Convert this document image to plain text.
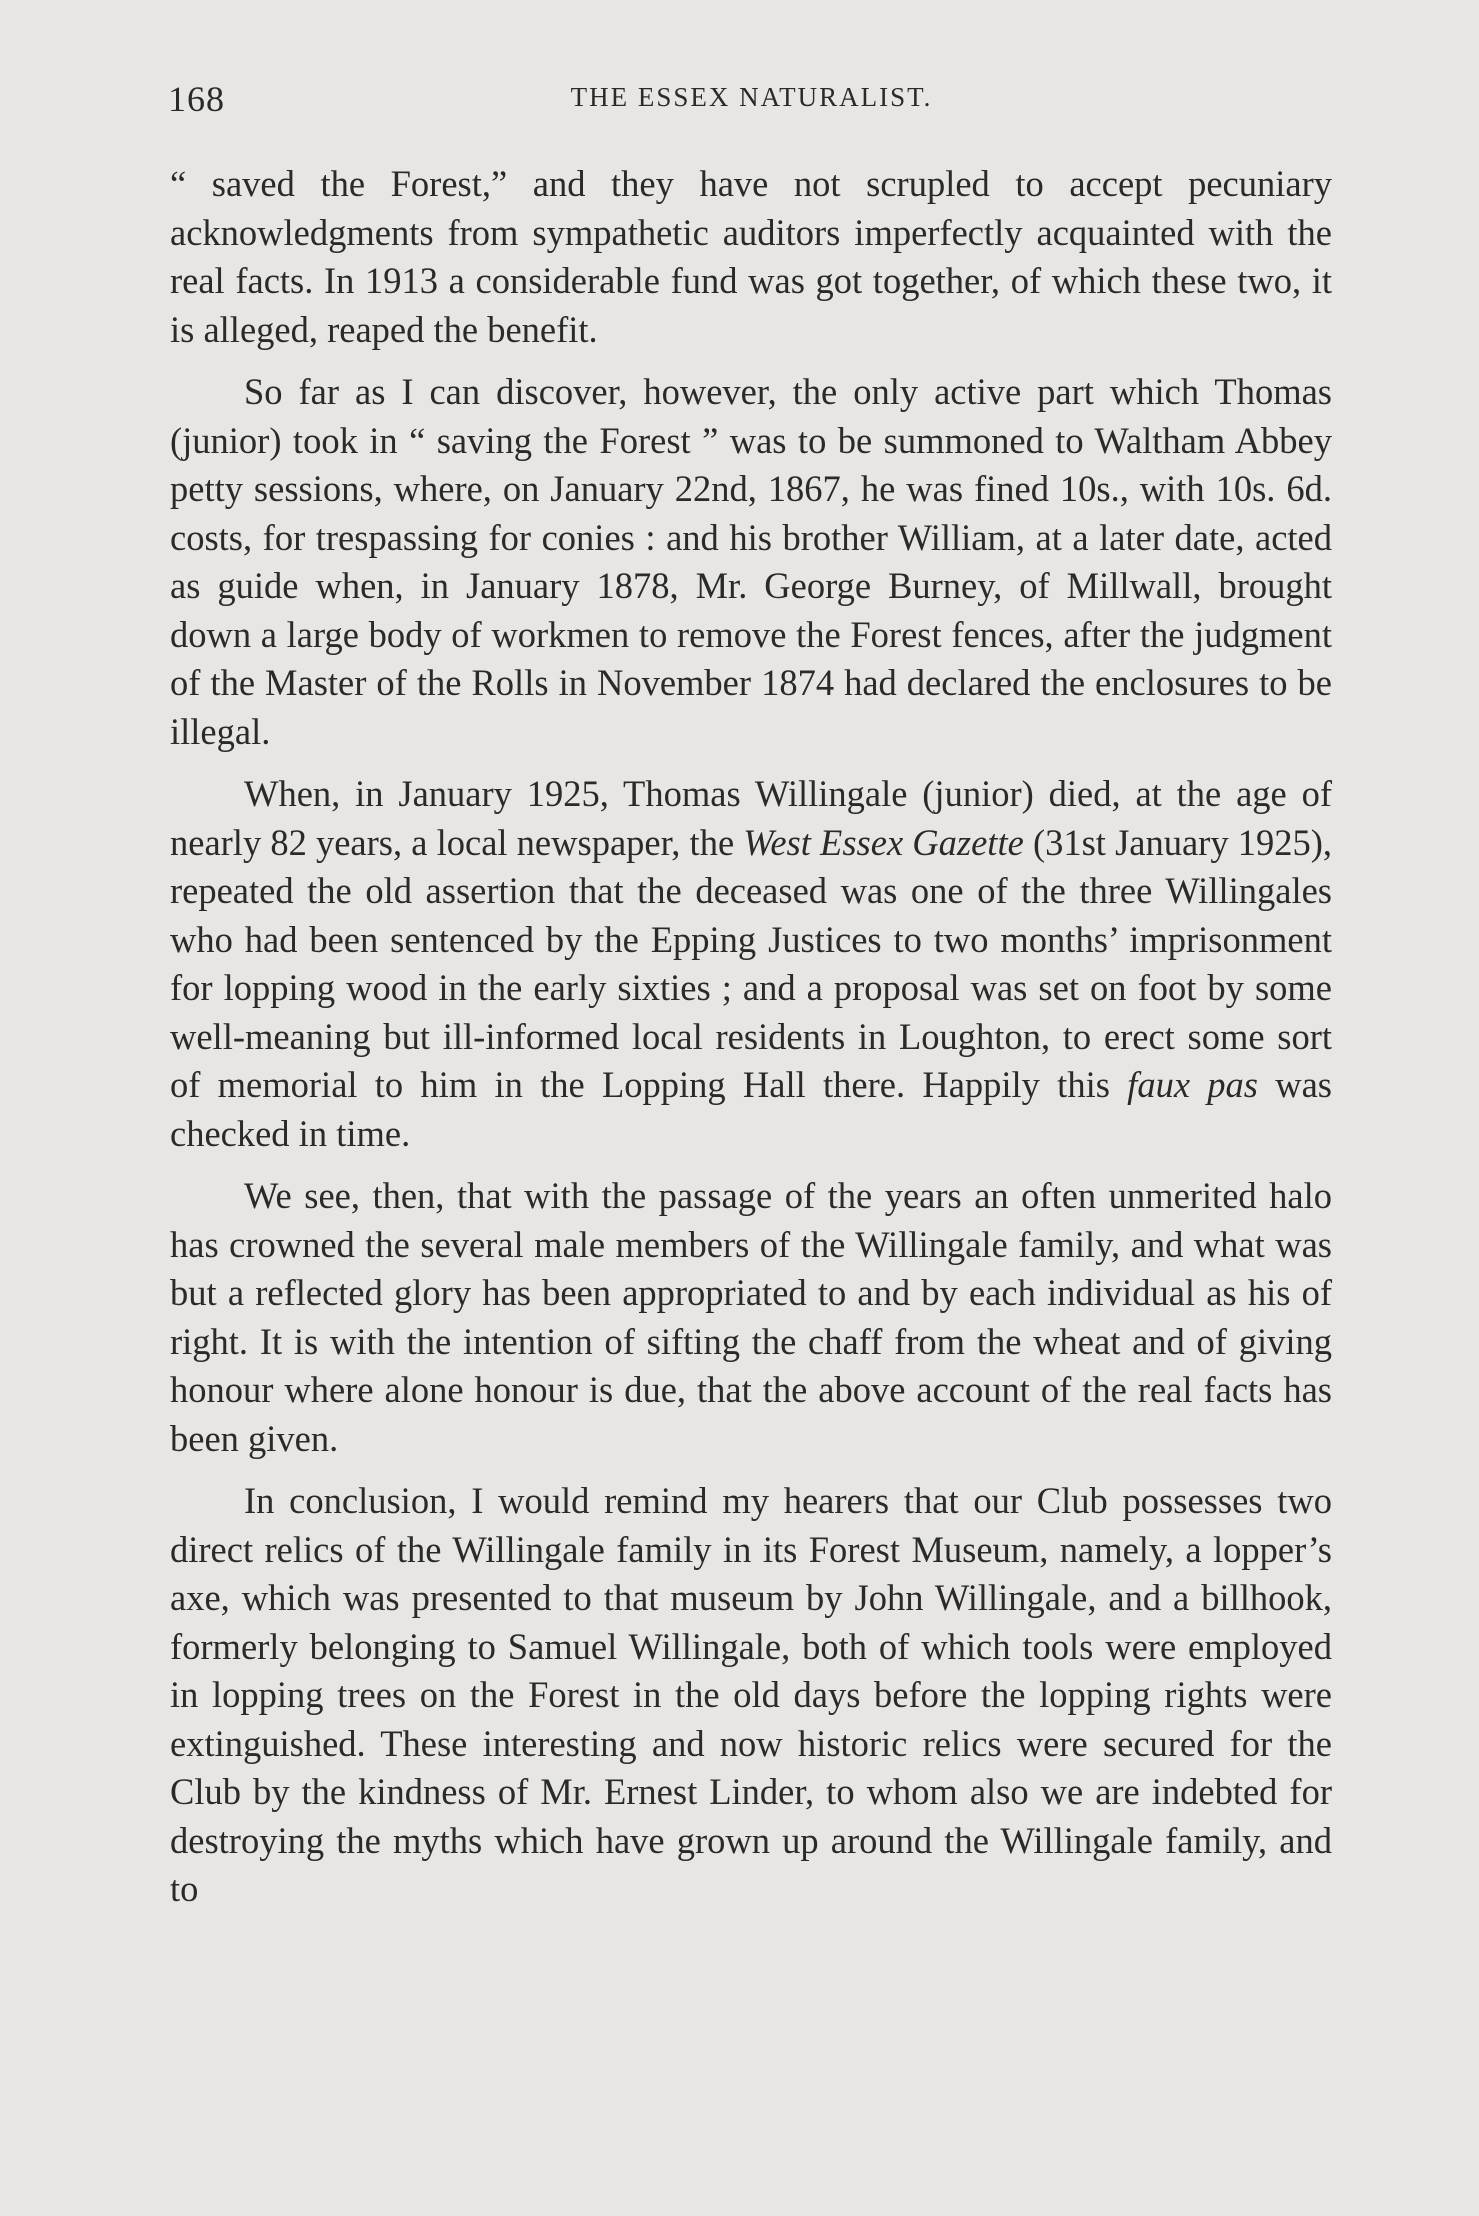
168	THE ESSEX NATURALIST.

“ saved the Forest,” and they have not scrupled to accept pecuniary acknowledgments from sympathetic auditors imperfectly acquainted with the real facts. In 1913 a considerable fund was got together, of which these two, it is alleged, reaped the benefit.

So far as I can discover, however, the only active part which Thomas (junior) took in “ saving the Forest ” was to be summoned to Waltham Abbey petty sessions, where, on January 22nd, 1867, he was fined 10s., with 10s. 6d. costs, for trespassing for conies : and his brother William, at a later date, acted as guide when, in January 1878, Mr. George Burney, of Millwall, brought down a large body of workmen to remove the Forest fences, after the judgment of the Master of the Rolls in November 1874 had declared the enclosures to be illegal.

When, in January 1925, Thomas Willingale (junior) died, at the age of nearly 82 years, a local newspaper, the West Essex Gazette (31st January 1925), repeated the old assertion that the deceased was one of the three Willingales who had been sentenced by the Epping Justices to two months’ imprisonment for lopping wood in the early sixties ; and a proposal was set on foot by some well-meaning but ill-informed local residents in Loughton, to erect some sort of memorial to him in the Lopping Hall there. Happily this faux pas was checked in time.

We see, then, that with the passage of the years an often unmerited halo has crowned the several male members of the Willingale family, and what was but a reflected glory has been appropriated to and by each individual as his of right. It is with the intention of sifting the chaff from the wheat and of giving honour where alone honour is due, that the above account of the real facts has been given.

In conclusion, I would remind my hearers that our Club possesses two direct relics of the Willingale family in its Forest Museum, namely, a lopper’s axe, which was presented to that museum by John Willingale, and a billhook, formerly belonging to Samuel Willingale, both of which tools were employed in lopping trees on the Forest in the old days before the lopping rights were extinguished. These interesting and now historic relics were secured for the Club by the kindness of Mr. Ernest Linder, to whom also we are indebted for destroying the myths which have grown up around the Willingale family, and to
